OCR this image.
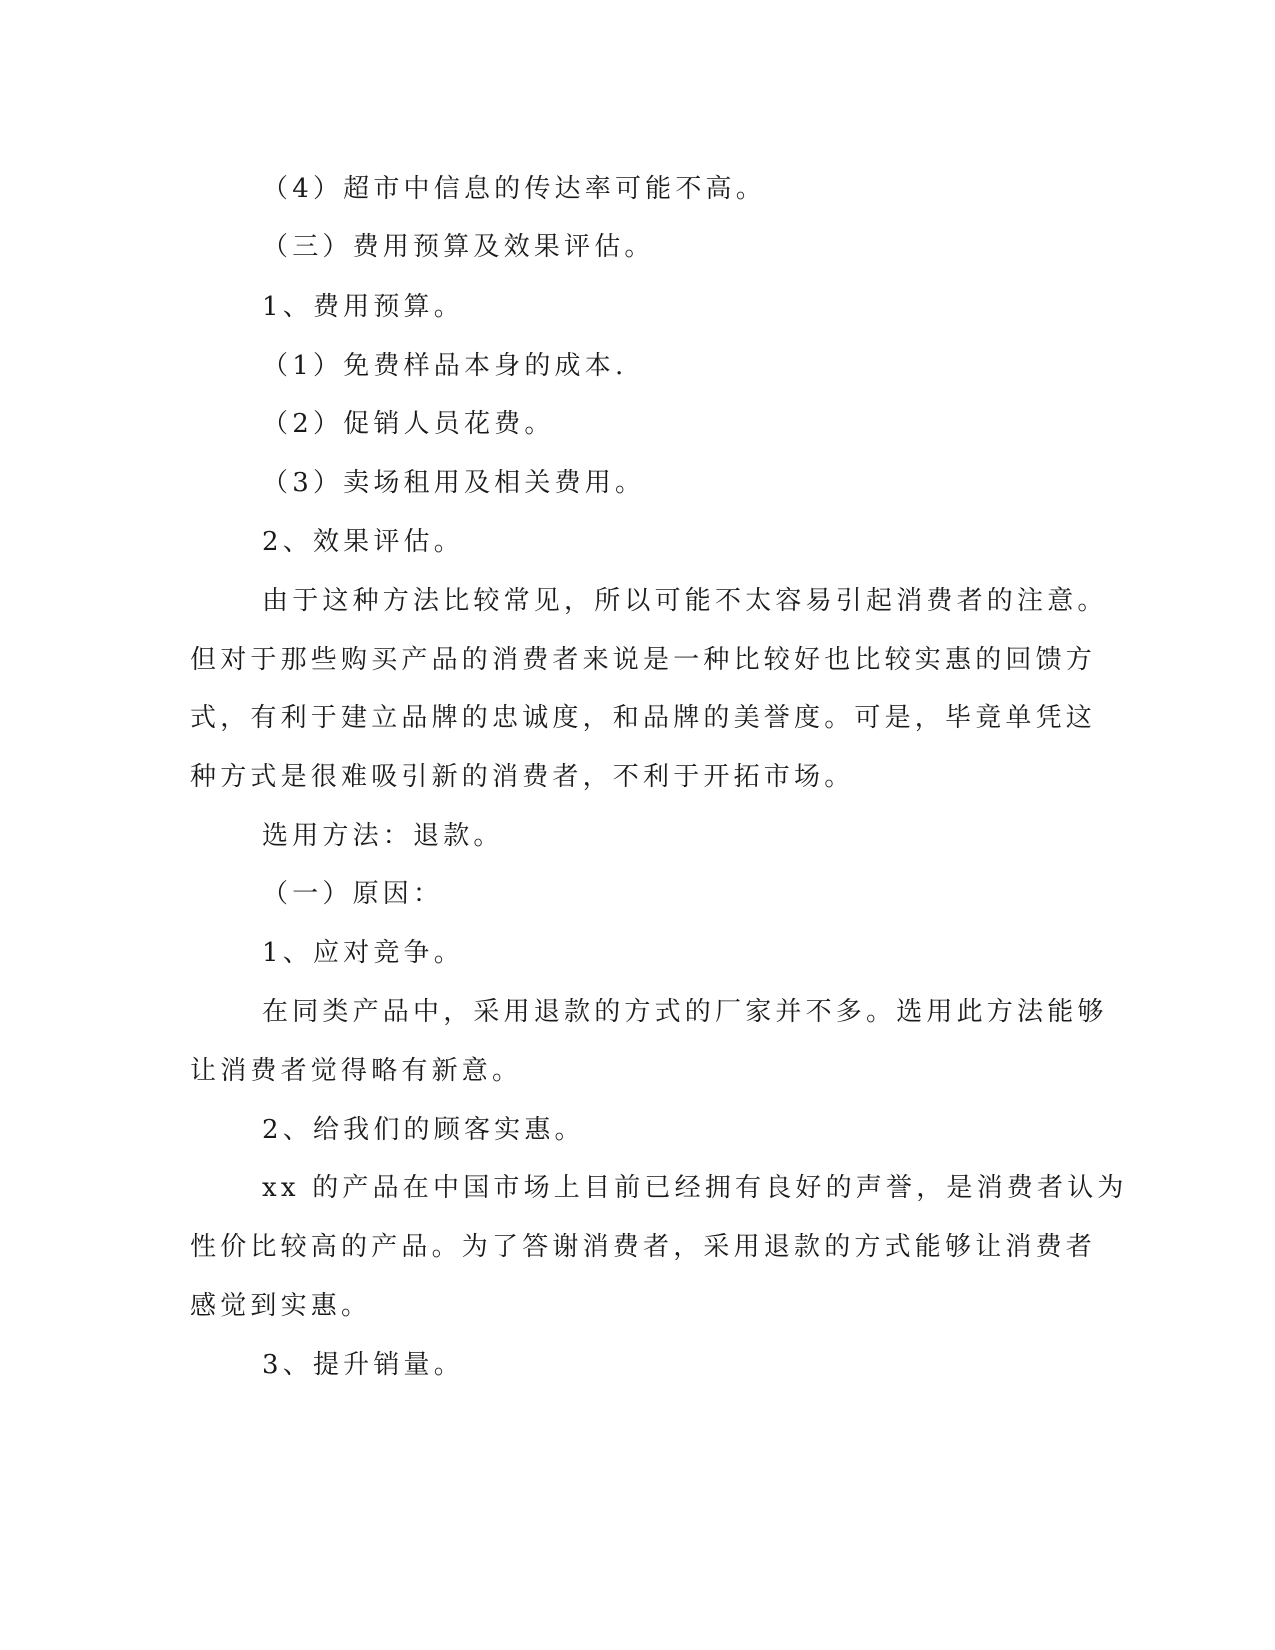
（4）超市中信息的传达率可能不高。
（三）费用预算及效果评估。
1、费用预算。
（1）免费样品本身的成本.
（2）促销人员花费。
（3）卖场租用及相关费用。
2、效果评估。
由于这种方法比较常见，所以可能不太容易引起消费者的注意。
但对于那些购买产品的消费者来说是一种比较好也比较实惠的回馈方
式，有利于建立品牌的忠诚度，和品牌的美誉度。可是，毕竟单凭这
种方式是很难吸引新的消费者，不利于开拓市场。
选用方法：退款。
（一）原因：
1、应对竞争。
在同类产品中，采用退款的方式的厂家并不多。选用此方法能够
让消费者觉得略有新意。
2、给我们的顾客实惠。
xx 的产品在中国市场上目前已经拥有良好的声誉，是消费者认为
性价比较高的产品。为了答谢消费者，采用退款的方式能够让消费者
感觉到实惠。
3、提升销量。
